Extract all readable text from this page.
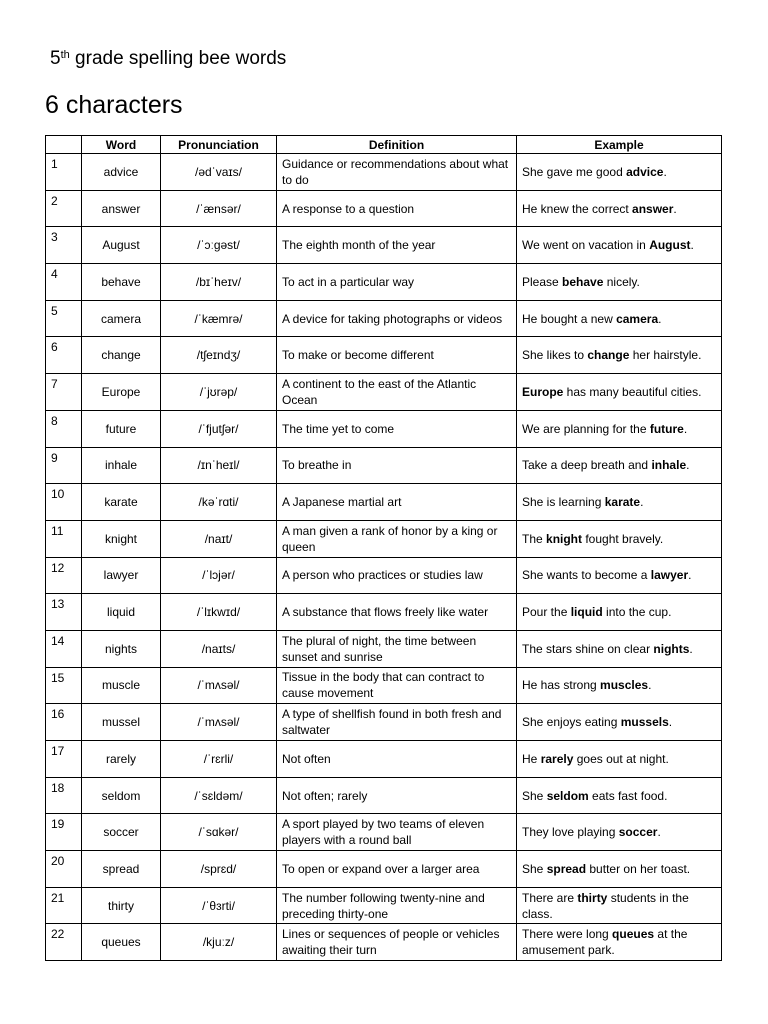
5th grade spelling bee words
6 characters
	Word	Pronunciation	Definition	Example
1	advice	/ədˈvaɪs/	Guidance or recommendations about what to do	She gave me good advice.
2	answer	/ˈænsər/	A response to a question	He knew the correct answer.
3	August	/ˈɔːgəst/	The eighth month of the year	We went on vacation in August.
4	behave	/bɪˈheɪv/	To act in a particular way	Please behave nicely.
5	camera	/ˈkæmrə/	A device for taking photographs or videos	He bought a new camera.
6	change	/tʃeɪndʒ/	To make or become different	She likes to change her hairstyle.
7	Europe	/ˈjʊrəp/	A continent to the east of the Atlantic Ocean	Europe has many beautiful cities.
8	future	/ˈfjutʃər/	The time yet to come	We are planning for the future.
9	inhale	/ɪnˈheɪl/	To breathe in	Take a deep breath and inhale.
10	karate	/kəˈrɑti/	A Japanese martial art	She is learning karate.
11	knight	/naɪt/	A man given a rank of honor by a king or queen	The knight fought bravely.
12	lawyer	/ˈlɔjər/	A person who practices or studies law	She wants to become a lawyer.
13	liquid	/ˈlɪkwɪd/	A substance that flows freely like water	Pour the liquid into the cup.
14	nights	/naɪts/	The plural of night, the time between sunset and sunrise	The stars shine on clear nights.
15	muscle	/ˈmʌsəl/	Tissue in the body that can contract to cause movement	He has strong muscles.
16	mussel	/ˈmʌsəl/	A type of shellfish found in both fresh and saltwater	She enjoys eating mussels.
17	rarely	/ˈrɛrli/	Not often	He rarely goes out at night.
18	seldom	/ˈsɛldəm/	Not often; rarely	She seldom eats fast food.
19	soccer	/ˈsɑkər/	A sport played by two teams of eleven players with a round ball	They love playing soccer.
20	spread	/sprɛd/	To open or expand over a larger area	She spread butter on her toast.
21	thirty	/ˈθɜrti/	The number following twenty-nine and preceding thirty-one	There are thirty students in the class.
22	queues	/kjuːz/	Lines or sequences of people or vehicles awaiting their turn	There were long queues at the amusement park.
